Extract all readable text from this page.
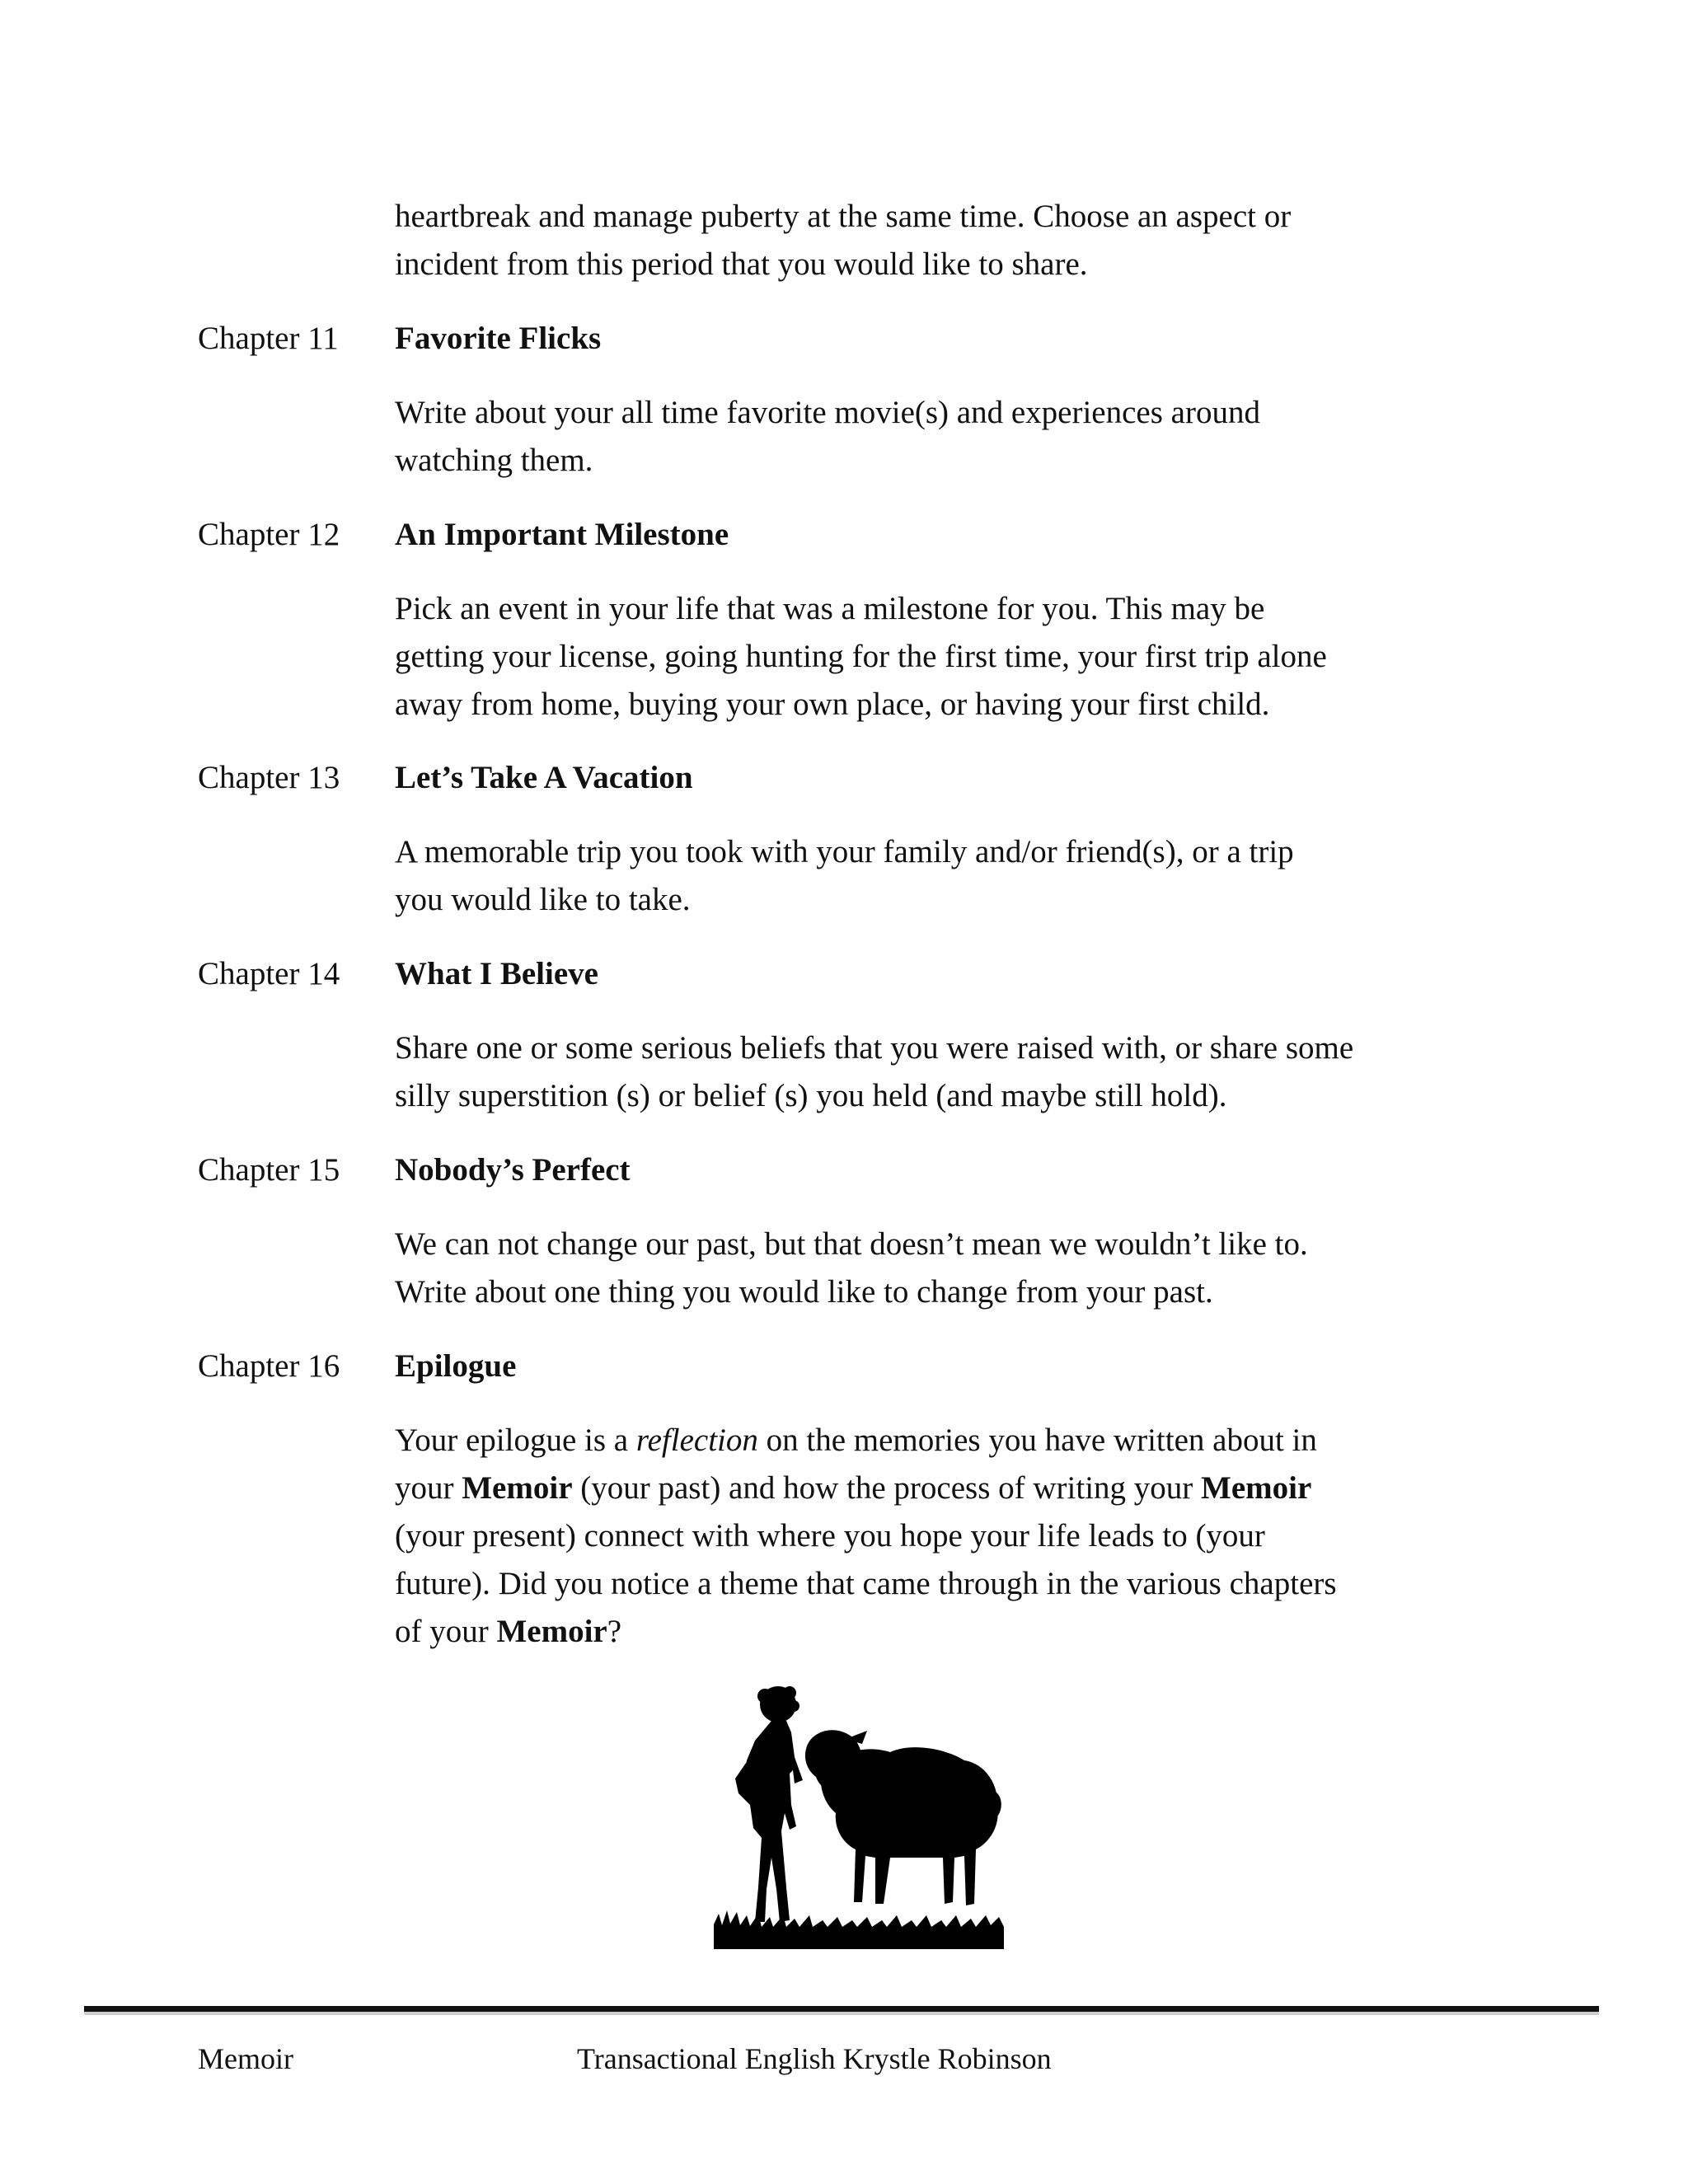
heartbreak and manage puberty at the same time. Choose an aspect or
incident from this period that you would like to share.

Chapter 11 Favorite Flicks

Write about your all time favorite movie(s) and experiences around
watching them.

Chapter 12 An Important Milestone

Pick an event in your life that was a milestone for you. This may be
getting your license, going hunting for the first time, your first trip alone
away from home, buying your own place, or having your first child.

Chapter 13 Let’s Take A Vacation

A memorable trip you took with your family and/or friend(s), or a trip
you would like to take.

Chapter 14 What I Believe

Share one or some serious beliefs that you were raised with, or share some
silly superstition (s) or belief (s) you held (and maybe still hold).

Chapter 15 Nobody’s Perfect

We can not change our past, but that doesn’t mean we wouldn’t like to.
Write about one thing you would like to change from your past.

Chapter 16 Epilogue

Your epilogue is a reflection on the memories you have written about in
your Memoir (your past) and how the process of writing your Memoir
(your present) connect with where you hope your life leads to (your
future). Did you notice a theme that came through in the various chapters
of your Memoir?

Memoir	Transactional English Krystle Robinson
